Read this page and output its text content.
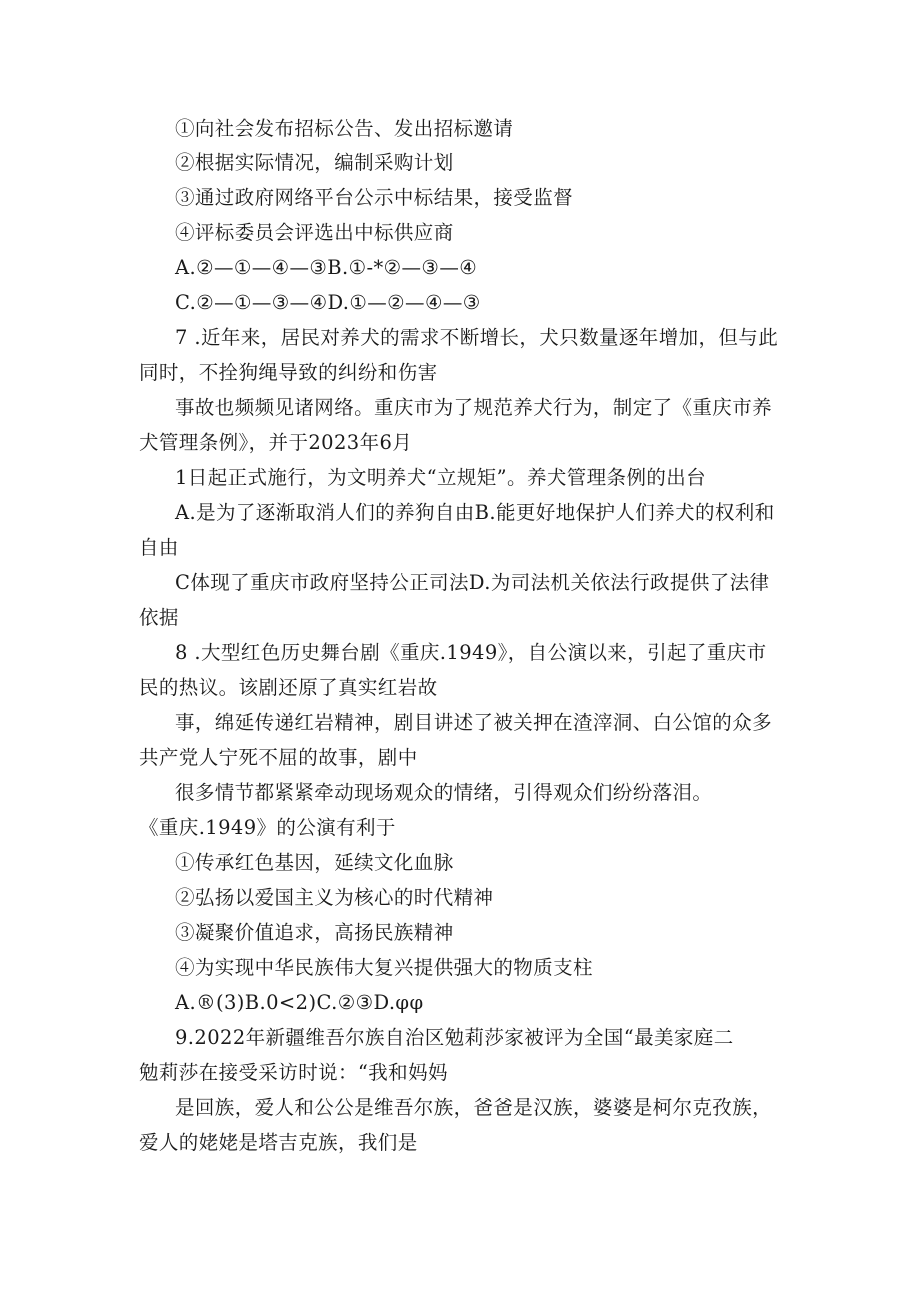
①向社会发布招标公告、发出招标邀请
②根据实际情况，编制采购计划
③通过政府网络平台公示中标结果，接受监督
④评标委员会评选出中标供应商
A.②—①—④—③B.①-*②—③—④
C.②—①—③—④D.①—②—④—③
7 .近年来，居民对养犬的需求不断增长，犬只数量逐年增加，但与此
同时，不拴狗绳导致的纠纷和伤害
事故也频频见诸网络。重庆市为了规范养犬行为，制定了《重庆市养
犬管理条例》，并于2023年6月
1日起正式施行，为文明养犬“立规矩”。养犬管理条例的出台
A.是为了逐渐取消人们的养狗自由B.能更好地保护人们养犬的权利和
自由
C体现了重庆市政府坚持公正司法D.为司法机关依法行政提供了法律
依据
8 .大型红色历史舞台剧《重庆.1949》，自公演以来，引起了重庆市
民的热议。该剧还原了真实红岩故
事，绵延传递红岩精神，剧目讲述了被关押在渣滓洞、白公馆的众多
共产党人宁死不屈的故事，剧中
很多情节都紧紧牵动现场观众的情绪，引得观众们纷纷落泪。
《重庆.1949》的公演有利于
①传承红色基因，延续文化血脉
②弘扬以爱国主义为核心的时代精神
③凝聚价值追求，高扬民族精神
④为实现中华民族伟大复兴提供强大的物质支柱
A.®(3)B.0<2)C.②③D.φφ
9.2022年新疆维吾尔族自治区勉莉莎家被评为全国“最美家庭二
勉莉莎在接受采访时说：“我和妈妈
是回族，爱人和公公是维吾尔族，爸爸是汉族，婆婆是柯尔克孜族，
爱人的姥姥是塔吉克族，我们是
